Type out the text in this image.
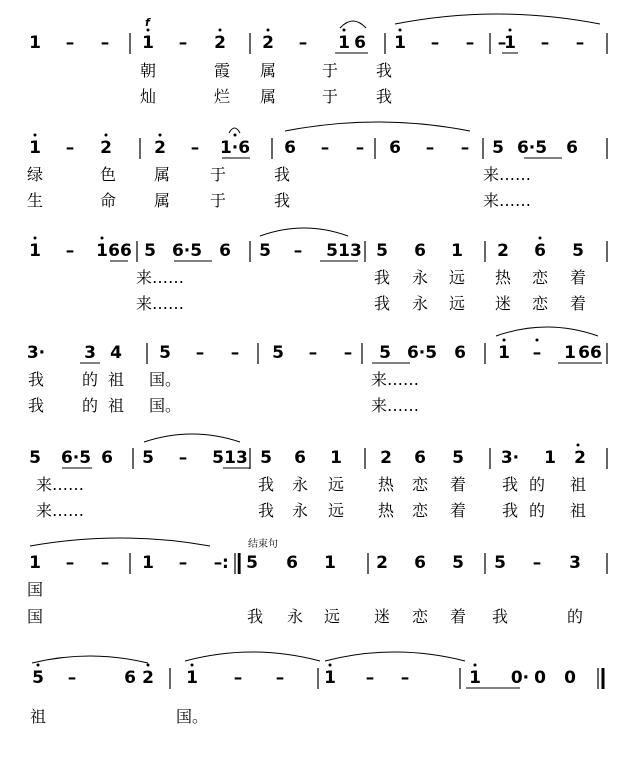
1 – – 1 – 2 2 – 1 6 1 – – –
1 – –
1 – 2 2 – 1·6 6 – – 6 – – 5 6·5 6
1 – 1 66 5 6·5 6 5 – 5 13 5 6 1 2 6 5
3· 3 4 5 – – 5 – – 5 6·5 6 1 – 1 66
5 6·5 6 5 – 5 13 5 6 1 2 6 5 3· 1 2
1 – – 1 – – 5 6 1 2 6 5 5 – 3
5 –	6 2 1 – – 1 – –	1 0· 0 0
朝	霞 属	于 我
灿	烂 属	于 我
绿	色 属 于	我	来……
生	命 属 于	我	来……
来……	我 永 远 热 恋 着
来……	我 永 远 迷 恋 着
我 的 祖 国。	来……
我 的 祖 国。	来……
来……	我 永 远 热 恋 着 我 的 祖
来……	我 永 远 热 恋 着 我 的 祖
国
国	我 永 远 迷 恋 着 我	的
祖	国。
f
结束句
:
